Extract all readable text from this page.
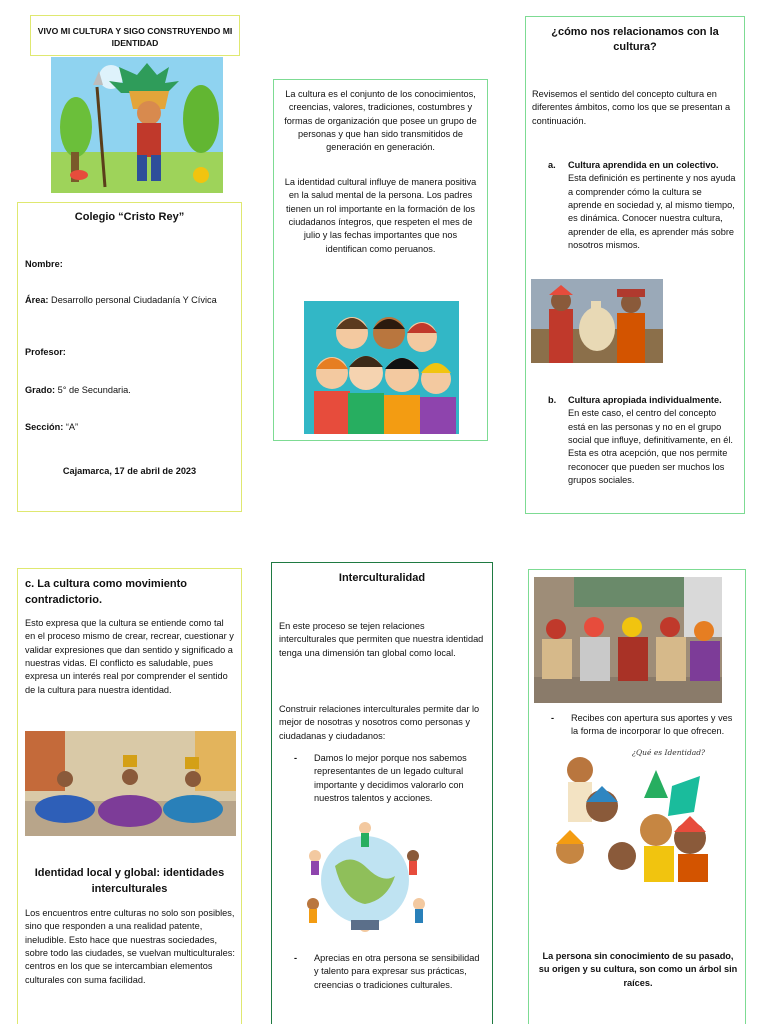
VIVO MI CULTURA Y SIGO CONSTRUYENDO MI IDENTIDAD
Colegio “Cristo Rey”
Nombre:
Área: Desarrollo personal Ciudadanía Y Cívica
Profesor:
Grado: 5° de Secundaria.
Sección: “A”
Cajamarca, 17 de abril de 2023

La cultura es el conjunto de los conocimientos, creencias, valores, tradiciones, costumbres y formas de organización que posee un grupo de personas y que han sido transmitidos de generación en generación.

La identidad cultural influye de manera positiva en la salud mental de la persona. Los padres tienen un rol importante en la formación de los ciudadanos íntegros, que respeten el mes de julio y las fechas importantes que nos identifican como peruanos.

¿cómo nos relacionamos con la cultura?

Revisemos el sentido del concepto cultura en diferentes ámbitos, como los que se presentan a continuación.

a. Cultura aprendida en un colectivo.

Esta definición es pertinente y nos ayuda a comprender cómo la cultura se aprende en sociedad y, al mismo tiempo, es dinámica. Conocer nuestra cultura, aprender de ella, es aprender más sobre nosotros mismos.

b. Cultura apropiada individualmente.

En este caso, el centro del concepto está en las personas y no en el grupo social que influye, definitivamente, en él. Esta es otra acepción, que nos permite reconocer que pueden ser muchos los grupos sociales.

c. La cultura como movimiento contradictorio.

Esto expresa que la cultura se entiende como tal en el proceso mismo de crear, recrear, cuestionar y validar expresiones que dan sentido y significado a nuestras vidas. El conflicto es saludable, pues expresa un interés real por comprender el sentido de la cultura para nuestra identidad.

Identidad local y global: identidades interculturales

Los encuentros entre culturas no solo son posibles, sino que responden a una realidad patente, ineludible. Esto hace que nuestras sociedades, sobre todo las ciudades, se vuelvan multiculturales: centros en los que se intercambian elementos culturales con suma facilidad.

Interculturalidad

En este proceso se tejen relaciones interculturales que permiten que nuestra identidad tenga una dimensión tan global como local.

Construir relaciones interculturales permite dar lo mejor de nosotras y nosotros como personas y ciudadanas y ciudadanos:

- Damos lo mejor porque nos sabemos representantes de un legado cultural importante y decidimos valorarlo con nuestros talentos y acciones.

- Aprecias en otra persona se sensibilidad y talento para expresar sus prácticas, creencias o tradiciones culturales.

- Recibes con apertura sus aportes y ves la forma de incorporar lo que ofrecen.

¿Qué es Identidad?

La persona sin conocimiento de su pasado, su origen y su cultura, son como un árbol sin raíces.
